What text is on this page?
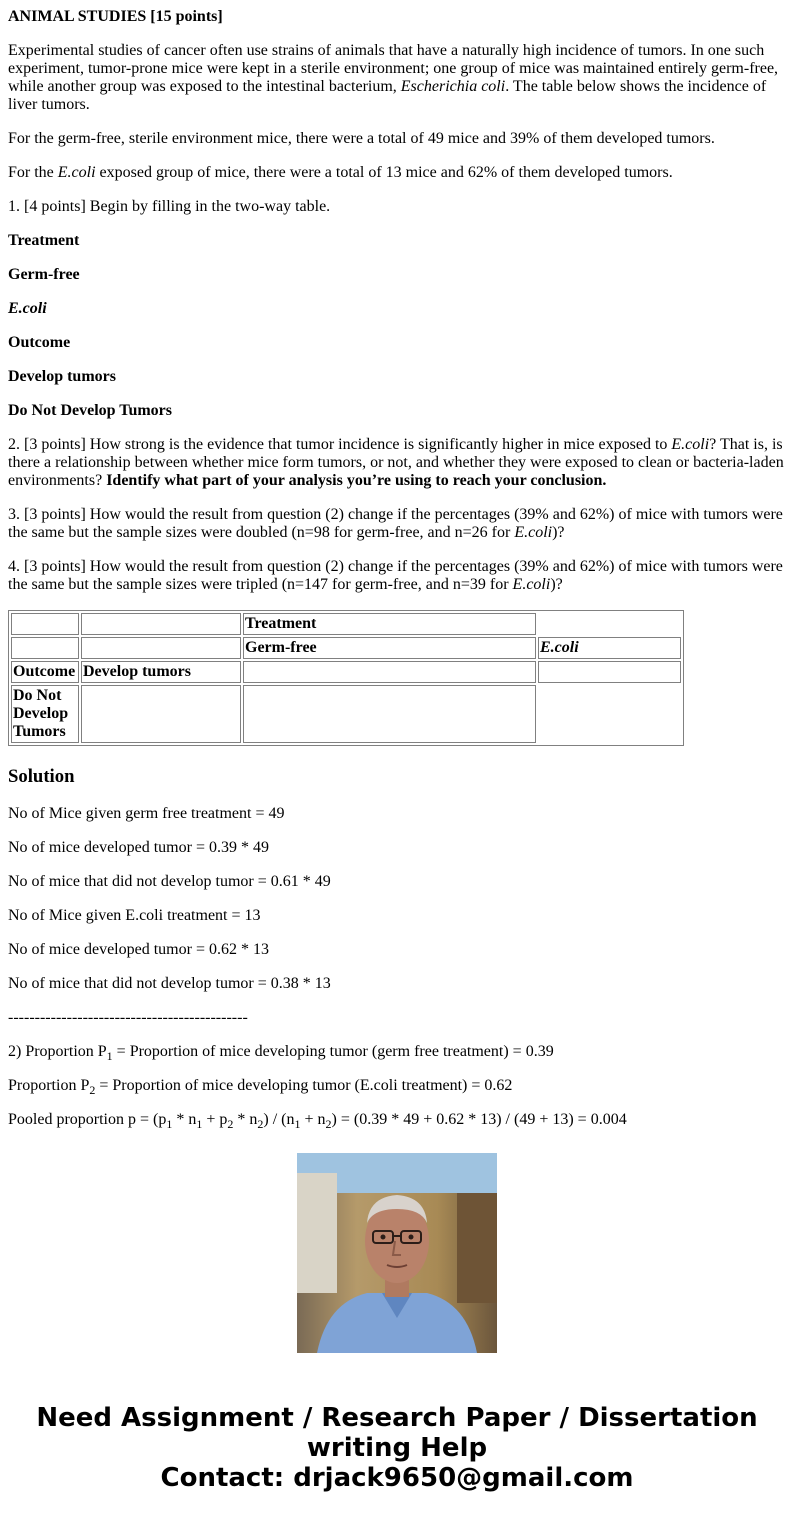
ANIMAL STUDIES [15 points]

Experimental studies of cancer often use strains of animals that have a naturally high incidence of tumors. In one such experiment, tumor-prone mice were kept in a sterile environment; one group of mice was maintained entirely germ-free, while another group was exposed to the intestinal bacterium, Escherichia coli. The table below shows the incidence of liver tumors.

For the germ-free, sterile environment mice, there were a total of 49 mice and 39% of them developed tumors.

For the E.coli exposed group of mice, there were a total of 13 mice and 62% of them developed tumors.

1. [4 points] Begin by filling in the two-way table.

Treatment

Germ-free

E.coli

Outcome

Develop tumors

Do Not Develop Tumors

2. [3 points] How strong is the evidence that tumor incidence is significantly higher in mice exposed to E.coli? That is, is there a relationship between whether mice form tumors, or not, and whether they were exposed to clean or bacteria-laden environments? Identify what part of your analysis you’re using to reach your conclusion.

3. [3 points] How would the result from question (2) change if the percentages (39% and 62%) of mice with tumors were the same but the sample sizes were doubled (n=98 for germ-free, and n=26 for E.coli)?

4. [3 points] How would the result from question (2) change if the percentages (39% and 62%) of mice with tumors were the same but the sample sizes were tripled (n=147 for germ-free, and n=39 for E.coli)?

		Treatment	
		Germ-free	E.coli
Outcome	Develop tumors		
Do Not Develop Tumors			
Solution

No of Mice given germ free treatment = 49

No of mice developed tumor = 0.39 * 49

No of mice that did not develop tumor = 0.61 * 49

No of Mice given E.coli treatment = 13

No of mice developed tumor = 0.62 * 13

No of mice that did not develop tumor = 0.38 * 13

---------------------------------------------

2) Proportion $P_1$ = Proportion of mice developing tumor (germ free treatment) = 0.39

Proportion $P_2$ = Proportion of mice developing tumor (E.coli treatment) = 0.62

Pooled proportion $p = (p_1 * n_1 + p_2 * n_2) / (n_1 + n_2) = (0.39 * 49 + 0.62 * 13) / (49 + 13) = 0.004$

Need Assignment / Research Paper / Dissertation
writing Help
Contact: drjack9650@gmail.com
